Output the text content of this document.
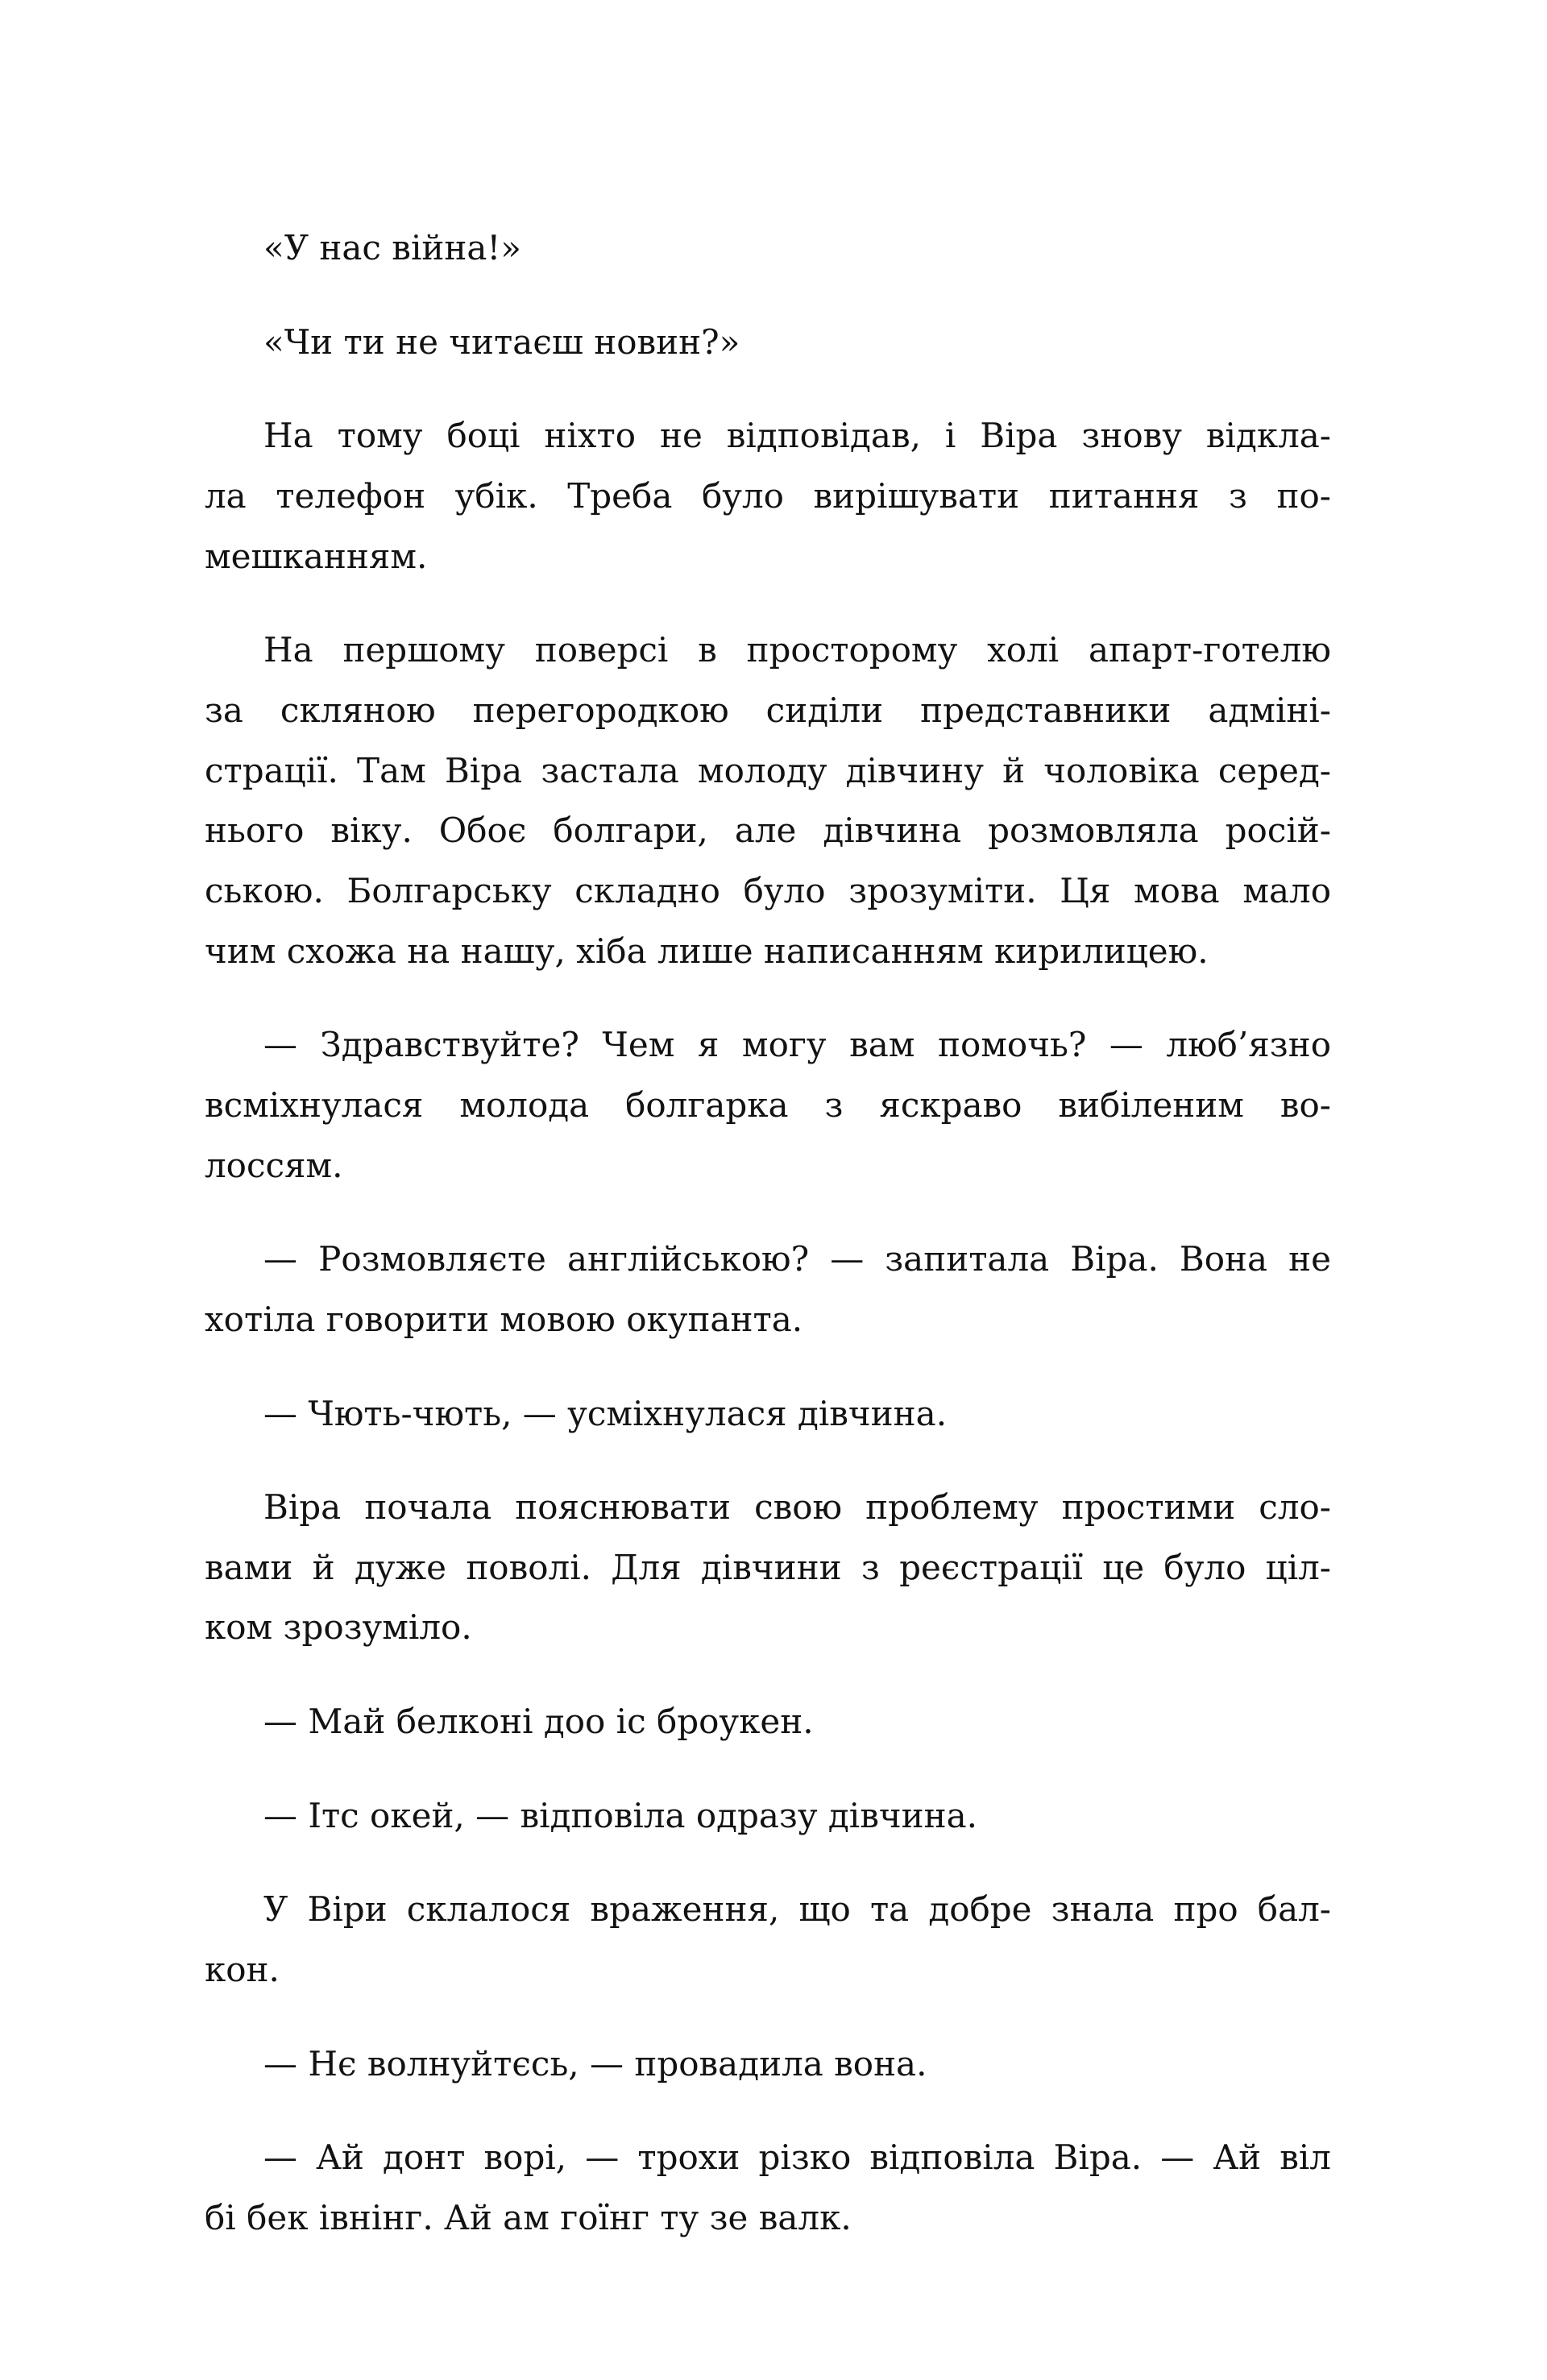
«У нас війна!»

«Чи ти не читаєш новин?»

На тому боці ніхто не відповідав, і Віра знову відкла-
ла телефон убік. Треба було вирішувати питання з по-
мешканням.

На першому поверсі в просторому холі апарт-готелю
за скляною перегородкою сиділи представники адміні-
страції. Там Віра застала молоду дівчину й чоловіка серед-
нього віку. Обоє болгари, але дівчина розмовляла росій-
ською. Болгарську складно було зрозуміти. Ця мова мало
чим схожа на нашу, хіба лише написанням кирилицею.

— Здравствуйте? Чем я могу вам помочь? — люб’язно
всміхнулася молода болгарка з яскраво вибіленим во-
лоссям.

— Розмовляєте англійською? — запитала Віра. Вона не
хотіла говорити мовою окупанта.

— Чють-чють, — усміхнулася дівчина.

Віра почала пояснювати свою проблему простими сло-
вами й дуже поволі. Для дівчини з реєстрації це було ціл-
ком зрозуміло.

— Май белконі доо іс броукен.

— Ітс окей, — відповіла одразу дівчина.

У Віри склалося враження, що та добре знала про бал-
кон.

— Нє волнуйтєсь, — провадила вона.

— Ай донт ворі, — трохи різко відповіла Віра. — Ай віл
бі бек івнінг. Ай ам гоїнг ту зе валк.
